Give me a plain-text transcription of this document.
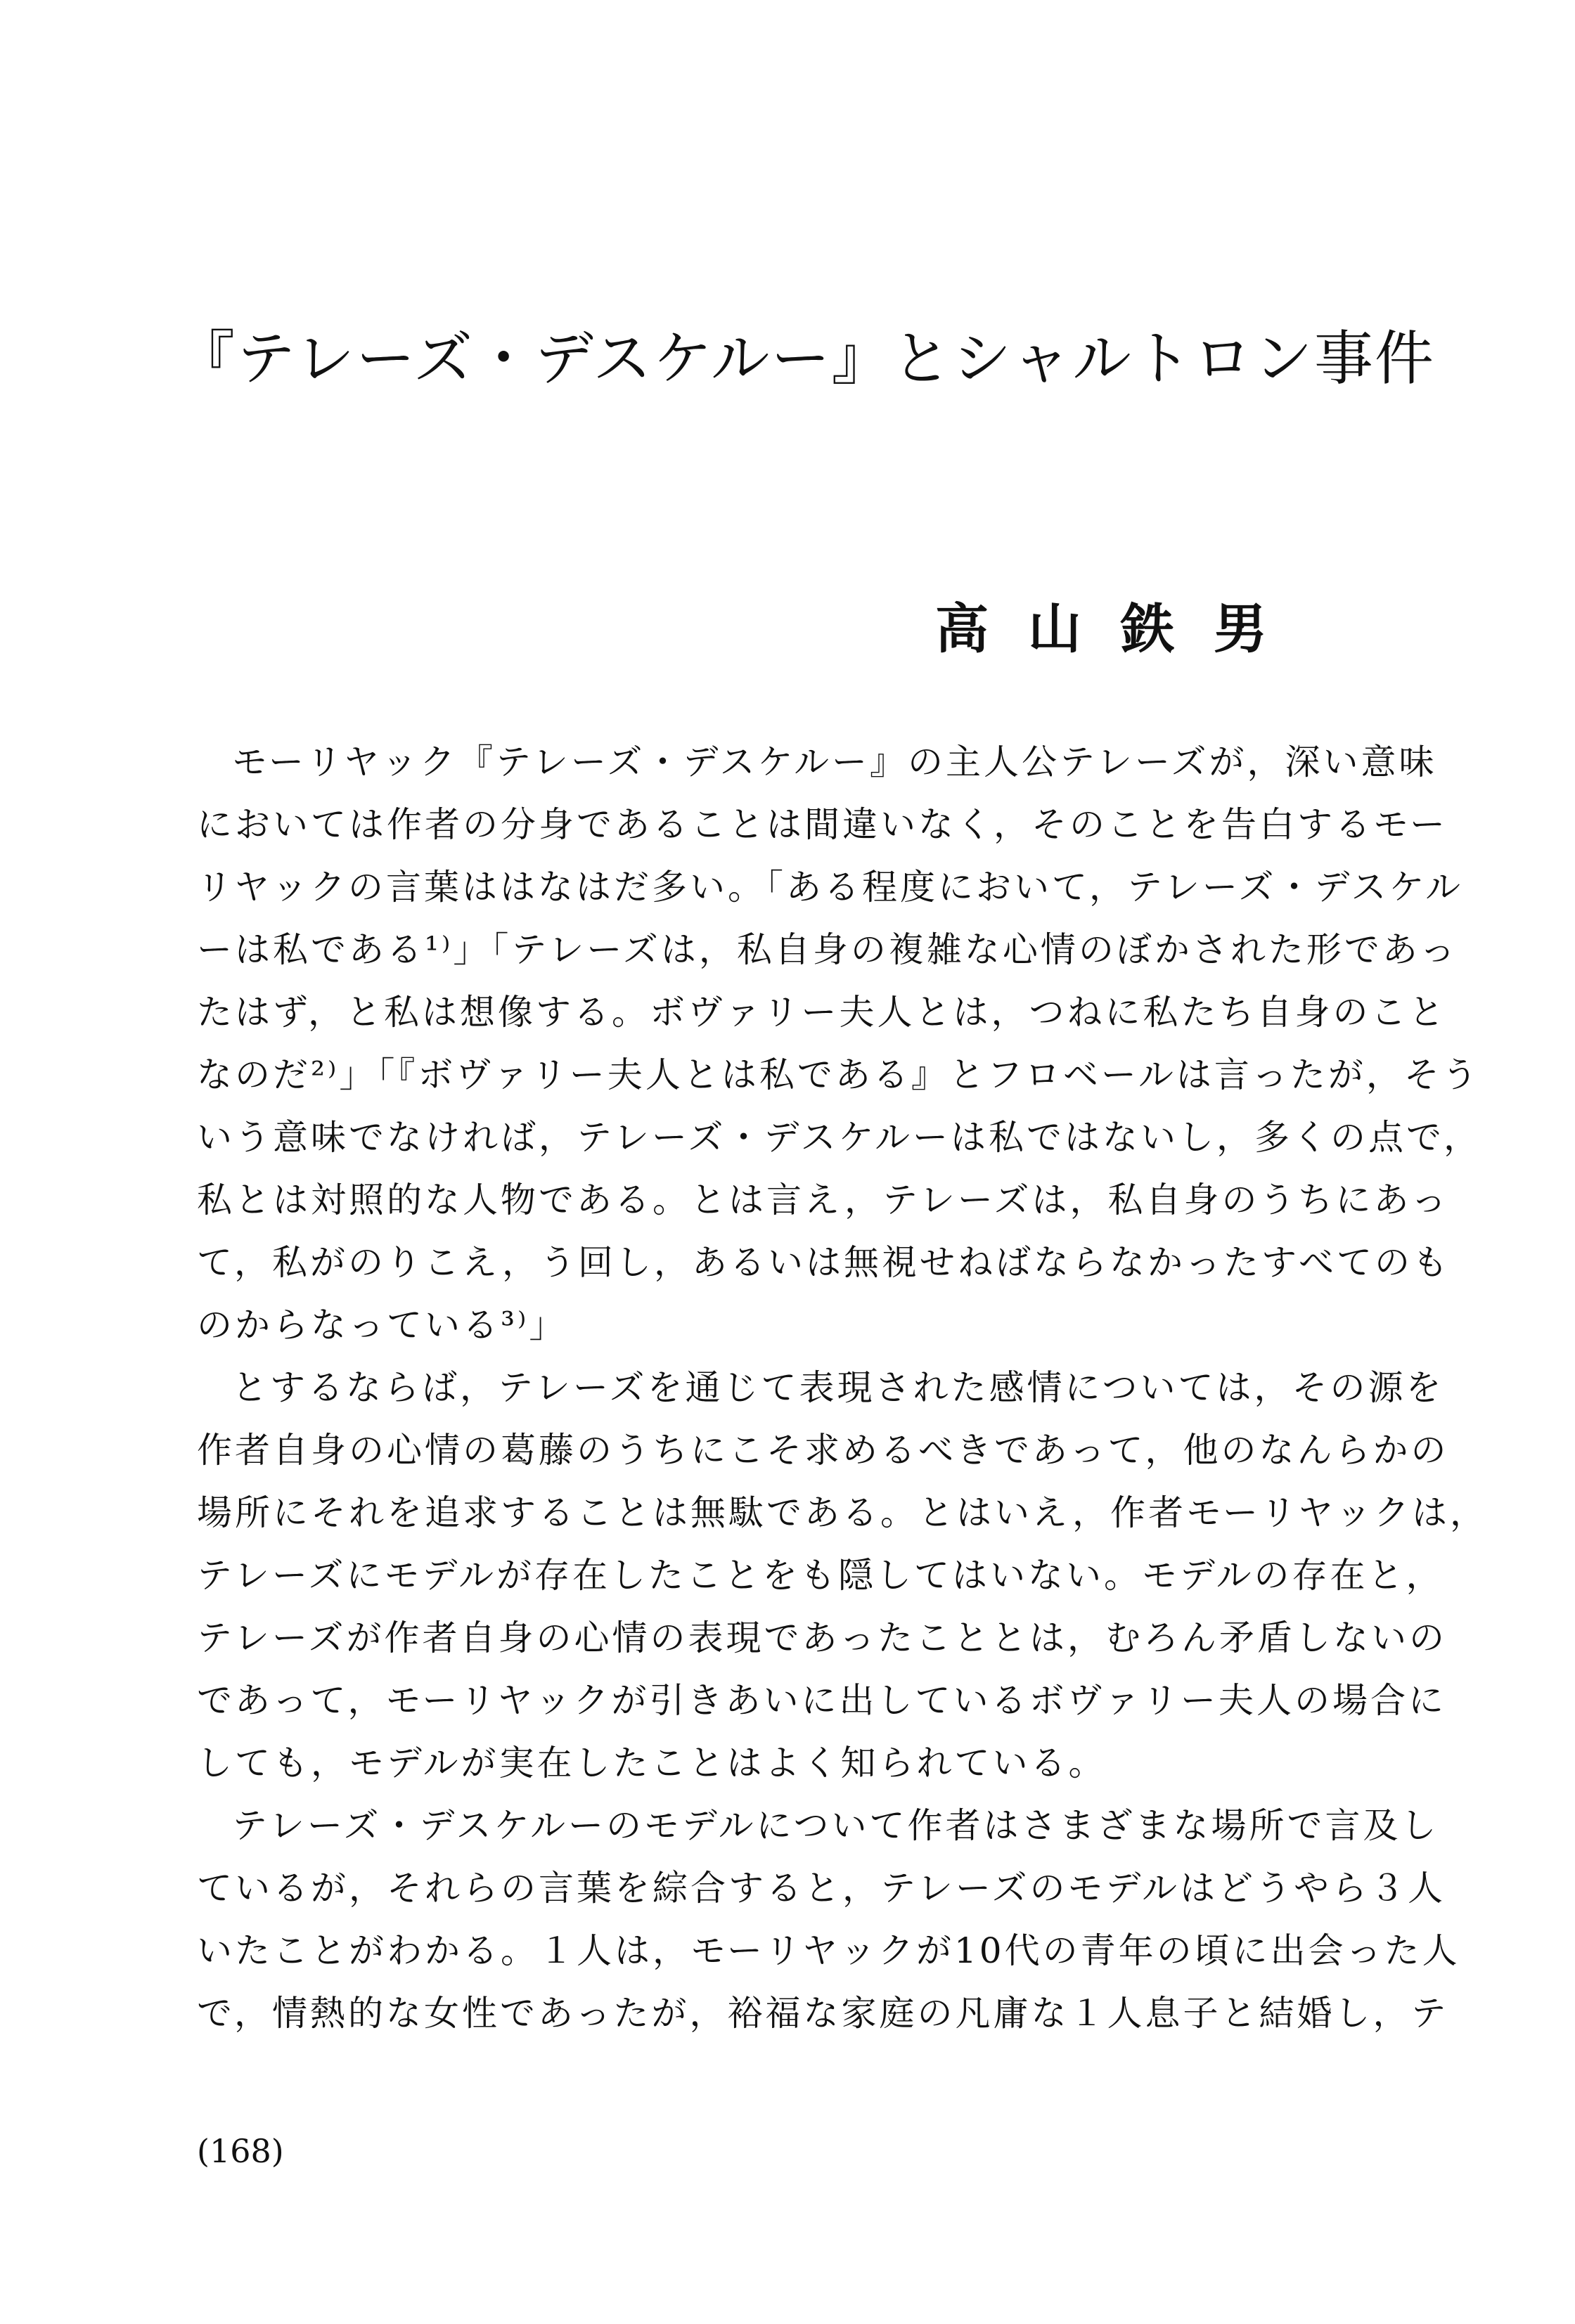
『テレーズ・デスケルー』とシャルトロン事件
高山鉄男
モーリヤック『テレーズ・デスケルー』の主人公テレーズが，深い意味
においては作者の分身であることは間違いなく，そのことを告白するモー
リヤックの言葉ははなはだ多い。「ある程度において，テレーズ・デスケル
ーは私である¹⁾」「テレーズは，私自身の複雑な心情のぼかされた形であっ
たはず，と私は想像する。ボヴァリー夫人とは，つねに私たち自身のこと
なのだ²⁾」「『ボヴァリー夫人とは私である』とフロベールは言ったが，そう
いう意味でなければ，テレーズ・デスケルーは私ではないし，多くの点で，
私とは対照的な人物である。とは言え，テレーズは，私自身のうちにあっ
て，私がのりこえ，う回し，あるいは無視せねばならなかったすべてのも
のからなっている³⁾」
とするならば，テレーズを通じて表現された感情については，その源を
作者自身の心情の葛藤のうちにこそ求めるべきであって，他のなんらかの
場所にそれを追求することは無駄である。とはいえ，作者モーリヤックは，
テレーズにモデルが存在したことをも隠してはいない。モデルの存在と，
テレーズが作者自身の心情の表現であったこととは，むろん矛盾しないの
であって，モーリヤックが引きあいに出しているボヴァリー夫人の場合に
しても，モデルが実在したことはよく知られている。
テレーズ・デスケルーのモデルについて作者はさまざまな場所で言及し
ているが，それらの言葉を綜合すると，テレーズのモデルはどうやら３人
いたことがわかる。１人は，モーリヤックが10代の青年の頃に出会った人
で，情熱的な女性であったが，裕福な家庭の凡庸な１人息子と結婚し，テ
(168)
